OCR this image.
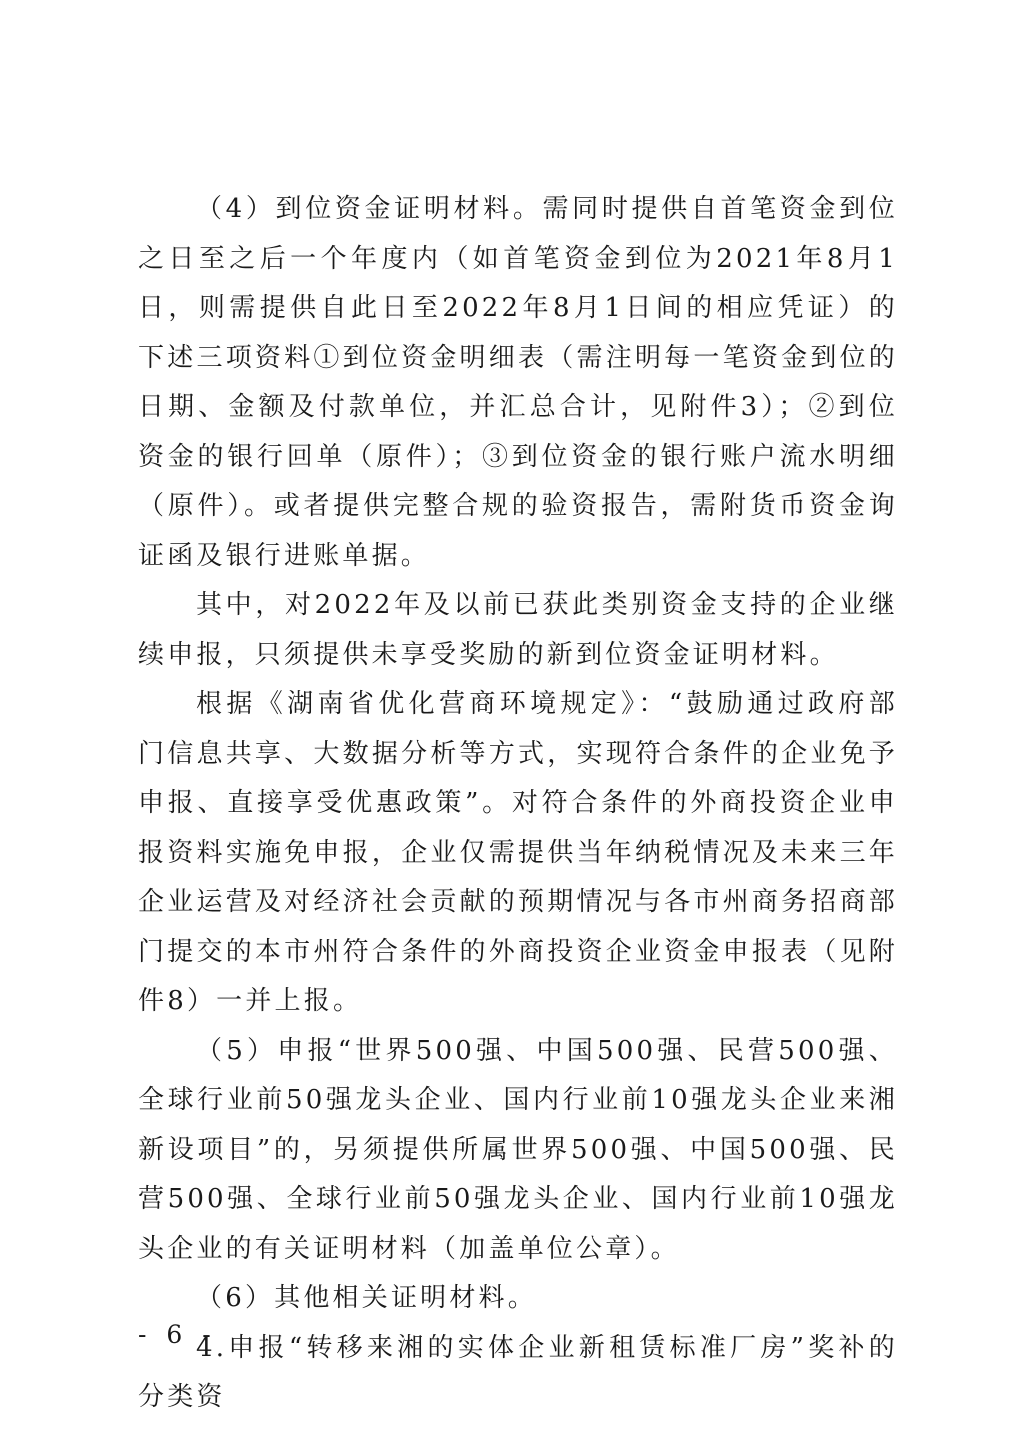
（4）到位资金证明材料。需同时提供自首笔资金到位之日至之后一个年度内（如首笔资金到位为2021年8月1日，则需提供自此日至2022年8月1日间的相应凭证）的下述三项资料①到位资金明细表（需注明每一笔资金到位的日期、金额及付款单位，并汇总合计，见附件3）；②到位资金的银行回单（原件）；③到位资金的银行账户流水明细（原件）。或者提供完整合规的验资报告，需附货币资金询证函及银行进账单据。

其中，对2022年及以前已获此类别资金支持的企业继续申报，只须提供未享受奖励的新到位资金证明材料。

根据《湖南省优化营商环境规定》：“鼓励通过政府部门信息共享、大数据分析等方式，实现符合条件的企业免予申报、直接享受优惠政策”。对符合条件的外商投资企业申报资料实施免申报，企业仅需提供当年纳税情况及未来三年企业运营及对经济社会贡献的预期情况与各市州商务招商部门提交的本市州符合条件的外商投资企业资金申报表（见附件8）一并上报。

（5）申报“世界500强、中国500强、民营500强、全球行业前50强龙头企业、国内行业前10强龙头企业来湘新设项目”的，另须提供所属世界500强、中国500强、民营500强、全球行业前50强龙头企业、国内行业前10强龙头企业的有关证明材料（加盖单位公章）。

（6）其他相关证明材料。

4.申报“转移来湘的实体企业新租赁标准厂房”奖补的分类资

- 6 -
